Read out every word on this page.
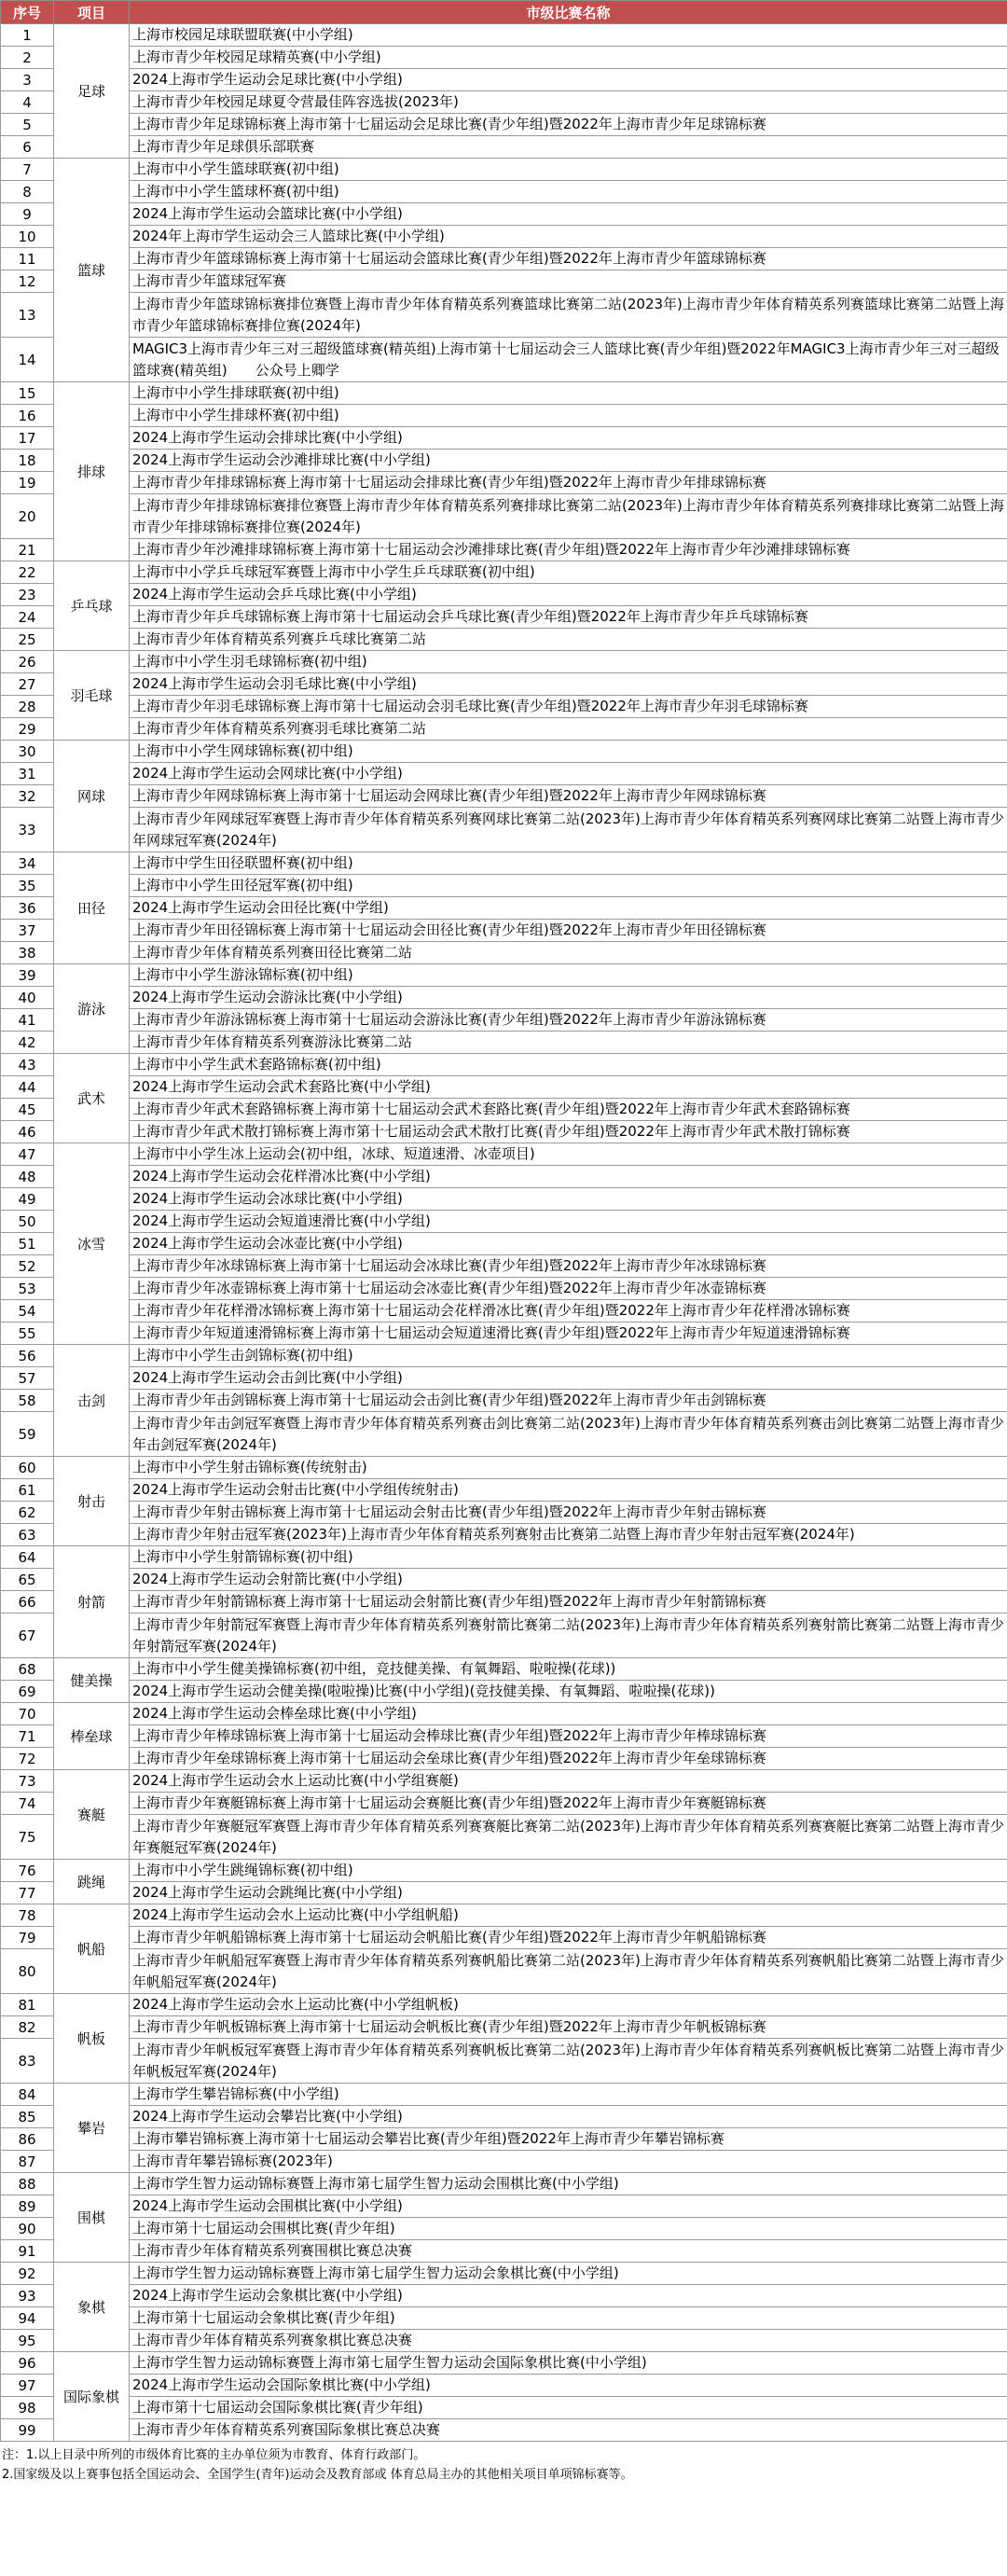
序号	项目	市级比赛名称
1	足球	上海市校园足球联盟联赛(中小学组)
2		上海市青少年校园足球精英赛(中小学组)
3		2024上海市学生运动会足球比赛(中小学组)
4		上海市青少年校园足球夏令营最佳阵容选拔(2023年)
5		上海市青少年足球锦标赛上海市第十七届运动会足球比赛(青少年组)暨2022年上海市青少年足球锦标赛
6		上海市青少年足球俱乐部联赛
7	篮球	上海市中小学生篮球联赛(初中组)
8		上海市中小学生篮球杯赛(初中组)
9		2024上海市学生运动会篮球比赛(中小学组)
10		2024年上海市学生运动会三人篮球比赛(中小学组)
11		上海市青少年篮球锦标赛上海市第十七届运动会篮球比赛(青少年组)暨2022年上海市青少年篮球锦标赛
12		上海市青少年篮球冠军赛
13		上海市青少年篮球锦标赛排位赛暨上海市青少年体育精英系列赛篮球比赛第二站(2023年)上海市青少年体育精英系列赛篮球比赛第二站暨上海市青少年篮球锦标赛排位赛(2024年)
14		MAGIC3上海市青少年三对三超级篮球赛(精英组)上海市第十七届运动会三人篮球比赛(青少年组)暨2022年MAGIC3上海市青少年三对三超级篮球赛(精英组)　　公众号上卿学
15	排球	上海市中小学生排球联赛(初中组)
16		上海市中小学生排球杯赛(初中组)
17		2024上海市学生运动会排球比赛(中小学组)
18		2024上海市学生运动会沙滩排球比赛(中小学组)
19		上海市青少年排球锦标赛上海市第十七届运动会排球比赛(青少年组)暨2022年上海市青少年排球锦标赛
20		上海市青少年排球锦标赛排位赛暨上海市青少年体育精英系列赛排球比赛第二站(2023年)上海市青少年体育精英系列赛排球比赛第二站暨上海市青少年排球锦标赛排位赛(2024年)
21		上海市青少年沙滩排球锦标赛上海市第十七届运动会沙滩排球比赛(青少年组)暨2022年上海市青少年沙滩排球锦标赛
22	乒乓球	上海市中小学乒乓球冠军赛暨上海市中小学生乒乓球联赛(初中组)
23		2024上海市学生运动会乒乓球比赛(中小学组)
24		上海市青少年乒乓球锦标赛上海市第十七届运动会乒乓球比赛(青少年组)暨2022年上海市青少年乒乓球锦标赛
25		上海市青少年体育精英系列赛乒乓球比赛第二站
26	羽毛球	上海市中小学生羽毛球锦标赛(初中组)
27		2024上海市学生运动会羽毛球比赛(中小学组)
28		上海市青少年羽毛球锦标赛上海市第十七届运动会羽毛球比赛(青少年组)暨2022年上海市青少年羽毛球锦标赛
29		上海市青少年体育精英系列赛羽毛球比赛第二站
30	网球	上海市中小学生网球锦标赛(初中组)
31		2024上海市学生运动会网球比赛(中小学组)
32		上海市青少年网球锦标赛上海市第十七届运动会网球比赛(青少年组)暨2022年上海市青少年网球锦标赛
33		上海市青少年网球冠军赛暨上海市青少年体育精英系列赛网球比赛第二站(2023年)上海市青少年体育精英系列赛网球比赛第二站暨上海市青少年网球冠军赛(2024年)
34	田径	上海市中学生田径联盟杯赛(初中组)
35		上海市中小学生田径冠军赛(初中组)
36		2024上海市学生运动会田径比赛(中学组)
37		上海市青少年田径锦标赛上海市第十七届运动会田径比赛(青少年组)暨2022年上海市青少年田径锦标赛
38		上海市青少年体育精英系列赛田径比赛第二站
39	游泳	上海市中小学生游泳锦标赛(初中组)
40		2024上海市学生运动会游泳比赛(中小学组)
41		上海市青少年游泳锦标赛上海市第十七届运动会游泳比赛(青少年组)暨2022年上海市青少年游泳锦标赛
42		上海市青少年体育精英系列赛游泳比赛第二站
43	武术	上海市中小学生武术套路锦标赛(初中组)
44		2024上海市学生运动会武术套路比赛(中小学组)
45		上海市青少年武术套路锦标赛上海市第十七届运动会武术套路比赛(青少年组)暨2022年上海市青少年武术套路锦标赛
46		上海市青少年武术散打锦标赛上海市第十七届运动会武术散打比赛(青少年组)暨2022年上海市青少年武术散打锦标赛
47	冰雪	上海市中小学生冰上运动会(初中组，冰球、短道速滑、冰壶项目)
48		2024上海市学生运动会花样滑冰比赛(中小学组)
49		2024上海市学生运动会冰球比赛(中小学组)
50		2024上海市学生运动会短道速滑比赛(中小学组)
51		2024上海市学生运动会冰壶比赛(中小学组)
52		上海市青少年冰球锦标赛上海市第十七届运动会冰球比赛(青少年组)暨2022年上海市青少年冰球锦标赛
53		上海市青少年冰壶锦标赛上海市第十七届运动会冰壶比赛(青少年组)暨2022年上海市青少年冰壶锦标赛
54		上海市青少年花样滑冰锦标赛上海市第十七届运动会花样滑冰比赛(青少年组)暨2022年上海市青少年花样滑冰锦标赛
55		上海市青少年短道速滑锦标赛上海市第十七届运动会短道速滑比赛(青少年组)暨2022年上海市青少年短道速滑锦标赛
56	击剑	上海市中小学生击剑锦标赛(初中组)
57		2024上海市学生运动会击剑比赛(中小学组)
58		上海市青少年击剑锦标赛上海市第十七届运动会击剑比赛(青少年组)暨2022年上海市青少年击剑锦标赛
59		上海市青少年击剑冠军赛暨上海市青少年体育精英系列赛击剑比赛第二站(2023年)上海市青少年体育精英系列赛击剑比赛第二站暨上海市青少年击剑冠军赛(2024年)
60	射击	上海市中小学生射击锦标赛(传统射击)
61		2024上海市学生运动会射击比赛(中小学组传统射击)
62		上海市青少年射击锦标赛上海市第十七届运动会射击比赛(青少年组)暨2022年上海市青少年射击锦标赛
63		上海市青少年射击冠军赛(2023年)上海市青少年体育精英系列赛射击比赛第二站暨上海市青少年射击冠军赛(2024年)
64	射箭	上海市中小学生射箭锦标赛(初中组)
65		2024上海市学生运动会射箭比赛(中小学组)
66		上海市青少年射箭锦标赛上海市第十七届运动会射箭比赛(青少年组)暨2022年上海市青少年射箭锦标赛
67		上海市青少年射箭冠军赛暨上海市青少年体育精英系列赛射箭比赛第二站(2023年)上海市青少年体育精英系列赛射箭比赛第二站暨上海市青少年射箭冠军赛(2024年)
68	健美操	上海市中小学生健美操锦标赛(初中组，竞技健美操、有氧舞蹈、啦啦操(花球))
69		2024上海市学生运动会健美操(啦啦操)比赛(中小学组)(竞技健美操、有氧舞蹈、啦啦操(花球))
70	棒垒球	2024上海市学生运动会棒垒球比赛(中小学组)
71		上海市青少年棒球锦标赛上海市第十七届运动会棒球比赛(青少年组)暨2022年上海市青少年棒球锦标赛
72		上海市青少年垒球锦标赛上海市第十七届运动会垒球比赛(青少年组)暨2022年上海市青少年垒球锦标赛
73	赛艇	2024上海市学生运动会水上运动比赛(中小学组赛艇)
74		上海市青少年赛艇锦标赛上海市第十七届运动会赛艇比赛(青少年组)暨2022年上海市青少年赛艇锦标赛
75		上海市青少年赛艇冠军赛暨上海市青少年体育精英系列赛赛艇比赛第二站(2023年)上海市青少年体育精英系列赛赛艇比赛第二站暨上海市青少年赛艇冠军赛(2024年)
76	跳绳	上海市中小学生跳绳锦标赛(初中组)
77		2024上海市学生运动会跳绳比赛(中小学组)
78	帆船	2024上海市学生运动会水上运动比赛(中小学组帆船)
79		上海市青少年帆船锦标赛上海市第十七届运动会帆船比赛(青少年组)暨2022年上海市青少年帆船锦标赛
80		上海市青少年帆船冠军赛暨上海市青少年体育精英系列赛帆船比赛第二站(2023年)上海市青少年体育精英系列赛帆船比赛第二站暨上海市青少年帆船冠军赛(2024年)
81	帆板	2024上海市学生运动会水上运动比赛(中小学组帆板)
82		上海市青少年帆板锦标赛上海市第十七届运动会帆板比赛(青少年组)暨2022年上海市青少年帆板锦标赛
83		上海市青少年帆板冠军赛暨上海市青少年体育精英系列赛帆板比赛第二站(2023年)上海市青少年体育精英系列赛帆板比赛第二站暨上海市青少年帆板冠军赛(2024年)
84	攀岩	上海市学生攀岩锦标赛(中小学组)
85		2024上海市学生运动会攀岩比赛(中小学组)
86		上海市攀岩锦标赛上海市第十七届运动会攀岩比赛(青少年组)暨2022年上海市青少年攀岩锦标赛
87		上海市青年攀岩锦标赛(2023年)
88	围棋	上海市学生智力运动锦标赛暨上海市第七届学生智力运动会围棋比赛(中小学组)
89		2024上海市学生运动会围棋比赛(中小学组)
90		上海市第十七届运动会围棋比赛(青少年组)
91		上海市青少年体育精英系列赛围棋比赛总决赛
92	象棋	上海市学生智力运动锦标赛暨上海市第七届学生智力运动会象棋比赛(中小学组)
93		2024上海市学生运动会象棋比赛(中小学组)
94		上海市第十七届运动会象棋比赛(青少年组)
95		上海市青少年体育精英系列赛象棋比赛总决赛
96	国际象棋	上海市学生智力运动锦标赛暨上海市第七届学生智力运动会国际象棋比赛(中小学组)
97		2024上海市学生运动会国际象棋比赛(中小学组)
98		上海市第十七届运动会国际象棋比赛(青少年组)
99		上海市青少年体育精英系列赛国际象棋比赛总决赛
注：1.以上目录中所列的市级体育比赛的主办单位须为市教育、体育行政部门。
2.国家级及以上赛事包括全国运动会、全国学生(青年)运动会及教育部或 体育总局主办的其他相关项目单项锦标赛等。
